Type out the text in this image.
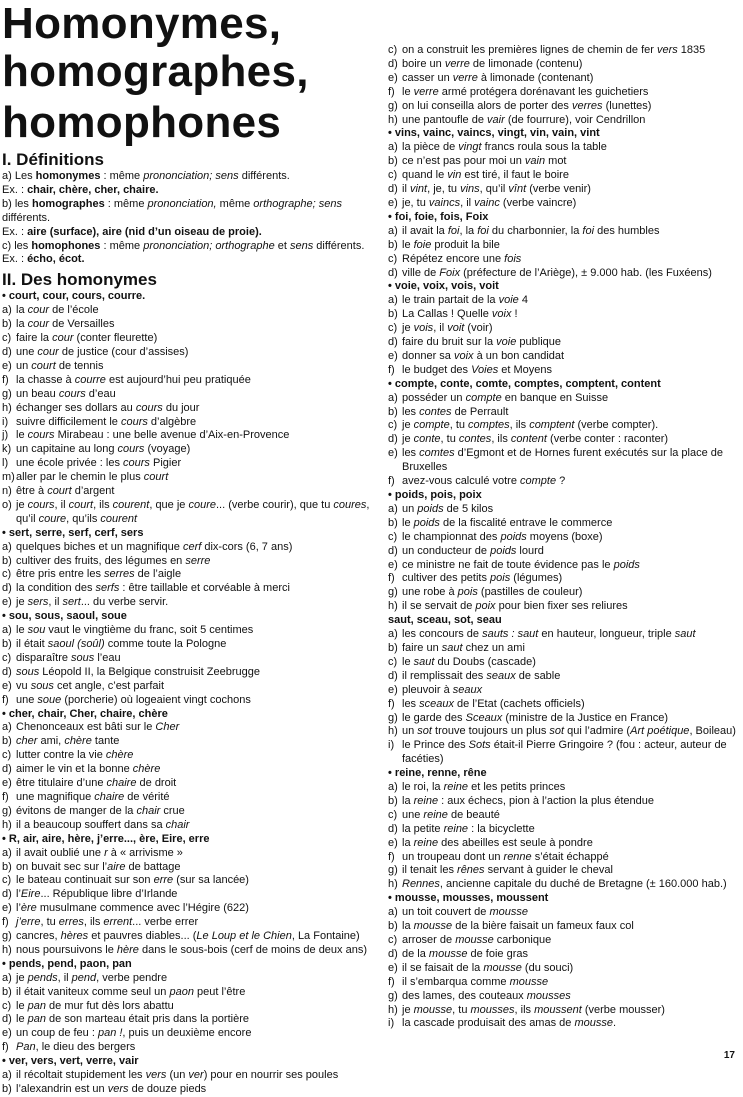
Homonymes, homographes,
homophones
I. Définitions
a) Les homonymes : même prononciation; sens différents.
Ex. : chair, chère, cher, chaire.
b) les homographes : même prononciation, même orthographe; sens différents.
Ex. : aire (surface), aire (nid d’un oiseau de proie).
c) les homophones : même prononciation; orthographe et sens différents.
Ex. : écho, écot.
II. Des homonymes
• court, cour, cours, courre.
a) la cour de l’école
b) la cour de Versailles
c) faire la cour (conter fleurette)
d) une cour de justice (cour d’assises)
e) un court de tennis
f) la chasse à courre est aujourd’hui peu pratiquée
g) un beau cours d’eau
h) échanger ses dollars au cours du jour
i) suivre difficilement le cours d’algèbre
j) le cours Mirabeau : une belle avenue d’Aix-en-Provence
k) un capitaine au long cours (voyage)
l) une école privée : les cours Pigier
m) aller par le chemin le plus court
n) être à court d’argent
o) je cours, il court, ils courent, que je coure... (verbe courir), que tu coures, qu’il coure, qu’ils courent
• sert, serre, serf, cerf, sers
a) quelques biches et un magnifique cerf dix-cors (6, 7 ans)
b) cultiver des fruits, des légumes en serre
c) être pris entre les serres de l’aigle
d) la condition des serfs : être taillable et corvéable à merci
e) je sers, il sert... du verbe servir.
• sou, sous, saoul, soue
a) le sou vaut le vingtième du franc, soit 5 centimes
b) il était saoul (soûl) comme toute la Pologne
c) disparaître sous l’eau
d) sous Léopold II, la Belgique construisit Zeebrugge
e) vu sous cet angle, c’est parfait
f) une soue (porcherie) où logeaient vingt cochons
• cher, chair, Cher, chaire, chère
a) Chenonceaux est bâti sur le Cher
b) cher ami, chère tante
c) lutter contre la vie chère
d) aimer le vin et la bonne chère
e) être titulaire d’une chaire de droit
f) une magnifique chaire de vérité
g) évitons de manger de la chair crue
h) il a beaucoup souffert dans sa chair
• R, air, aire, hère, j’erre..., ère, Eire, erre
a) il avait oublié une r à « arrivisme »
b) on buvait sec sur l’aire de battage
c) le bateau continuait sur son erre (sur sa lancée)
d) l’Eire... République libre d’Irlande
e) l’ère musulmane commence avec l’Hégire (622)
f) j’erre, tu erres, ils errent... verbe errer
g) cancres, hères et pauvres diables... (Le Loup et le Chien, La Fontaine)
h) nous poursuivons le hère dans le sous-bois (cerf de moins de deux ans)
• pends, pend, paon, pan
a) je pends, il pend, verbe pendre
b) il était vaniteux comme seul un paon peut l’être
c) le pan de mur fut dès lors abattu
d) le pan de son marteau était pris dans la portière
e) un coup de feu : pan !, puis un deuxième encore
f) Pan, le dieu des bergers
• ver, vers, vert, verre, vair
a) il récoltait stupidement les vers (un ver) pour en nourrir ses poules
b) l’alexandrin est un vers de douze pieds
c) on a construit les premières lignes de chemin de fer vers 1835
d) boire un verre de limonade (contenu)
e) casser un verre à limonade (contenant)
f) le verre armé protégera dorénavant les guichetiers
g) on lui conseilla alors de porter des verres (lunettes)
h) une pantoufle de vair (de fourrure), voir Cendrillon
• vins, vainc, vaincs, vingt, vin, vain, vint
a) la pièce de vingt francs roula sous la table
b) ce n’est pas pour moi un vain mot
c) quand le vin est tiré, il faut le boire
d) il vint, je, tu vins, qu’il vînt (verbe venir)
e) je, tu vaincs, il vainc (verbe vaincre)
• foi, foie, fois, Foix
a) il avait la foi, la foi du charbonnier, la foi des humbles
b) le foie produit la bile
c) Répétez encore une fois
d) ville de Foix (préfecture de l’Ariège), ± 9.000 hab. (les Fuxéens)
• voie, voix, vois, voit
a) le train partait de la voie 4
b) La Callas ! Quelle voix !
c) je vois, il voit (voir)
d) faire du bruit sur la voie publique
e) donner sa voix à un bon candidat
f) le budget des Voies et Moyens
• compte, conte, comte, comptes, comptent, content
a) posséder un compte en banque en Suisse
b) les contes de Perrault
c) je compte, tu comptes, ils comptent (verbe compter).
d) je conte, tu contes, ils content (verbe conter : raconter)
e) les comtes d’Egmont et de Hornes furent exécutés sur la place de Bruxelles
f) avez-vous calculé votre compte ?
• poids, pois, poix
a) un poids de 5 kilos
b) le poids de la fiscalité entrave le commerce
c) le championnat des poids moyens (boxe)
d) un conducteur de poids lourd
e) ce ministre ne fait de toute évidence pas le poids
f) cultiver des petits pois (légumes)
g) une robe à pois (pastilles de couleur)
h) il se servait de poix pour bien fixer ses reliures
saut, sceau, sot, seau
a) les concours de sauts : saut en hauteur, longueur, triple saut
b) faire un saut chez un ami
c) le saut du Doubs (cascade)
d) il remplissait des seaux de sable
e) pleuvoir à seaux
f) les sceaux de l’Etat (cachets officiels)
g) le garde des Sceaux (ministre de la Justice en France)
h) un sot trouve toujours un plus sot qui l’admire (Art poétique, Boileau)
i) le Prince des Sots était-il Pierre Gringoire ? (fou : acteur, auteur de facéties)
• reine, renne, rêne
a) le roi, la reine et les petits princes
b) la reine : aux échecs, pion à l’action la plus étendue
c) une reine de beauté
d) la petite reine : la bicyclette
e) la reine des abeilles est seule à pondre
f) un troupeau dont un renne s’était échappé
g) il tenait les rênes servant à guider le cheval
h) Rennes, ancienne capitale du duché de Bretagne (± 160.000 hab.)
• mousse, mousses, moussent
a) un toit couvert de mousse
b) la mousse de la bière faisait un fameux faux col
c) arroser de mousse carbonique
d) de la mousse de foie gras
e) il se faisait de la mousse (du souci)
f) il s’embarqua comme mousse
g) des lames, des couteaux mousses
h) je mousse, tu mousses, ils moussent (verbe mousser)
i) la cascade produisait des amas de mousse.
17
